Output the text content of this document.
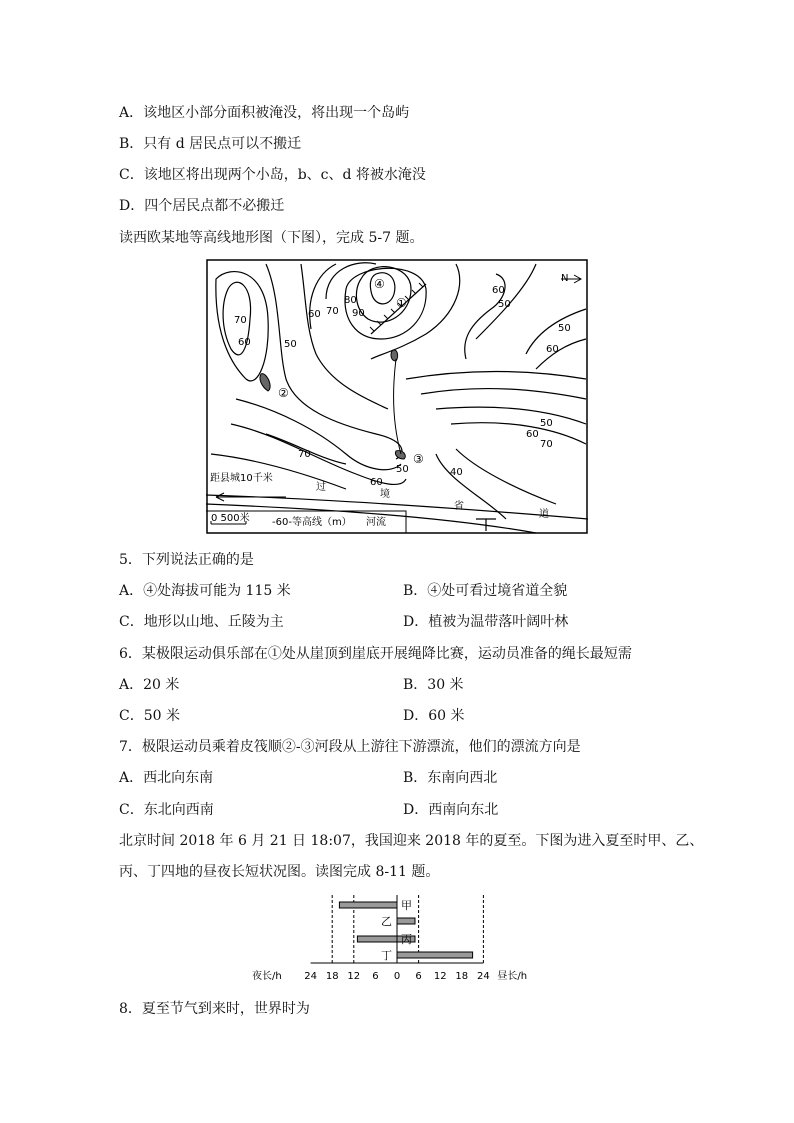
A．该地区小部分面积被淹没，将出现一个岛屿
B．只有 d 居民点可以不搬迁
C．该地区将出现两个小岛，b、c、d 将被水淹没
D．四个居民点都不必搬迁
读西欧某地等高线地形图（下图），完成 5-7 题。
70
60	50
60 70
80
90
60
50
50
60
50
60
70
70
50
60
40
N
①
②
③
④
距县城10千米
过
境
省
道
0 500米 -60-等高线（m） 河流
5．下列说法正确的是
A．④处海拔可能为 115 米	B．④处可看过境省道全貌
C．地形以山地、丘陵为主	D．植被为温带落叶阔叶林
6．某极限运动俱乐部在①处从崖顶到崖底开展绳降比赛，运动员准备的绳长最短需
A．20 米	B．30 米
C．50 米	D．60 米
7．极限运动员乘着皮筏顺②-③河段从上游往下游漂流，他们的漂流方向是
A．西北向东南	B．东南向西北
C．东北向西南	D．西南向东北
北京时间 2018 年 6 月 21 日 18:07，我国迎来 2018 年的夏至。下图为进入夏至时甲、乙、
丙、丁四地的昼夜长短状况图。读图完成 8-11 题。
甲
乙
丙
丁
24 18 12 6 0 6 12 18 24
夜长/h	昼长/h
8．夏至节气到来时，世界时为
